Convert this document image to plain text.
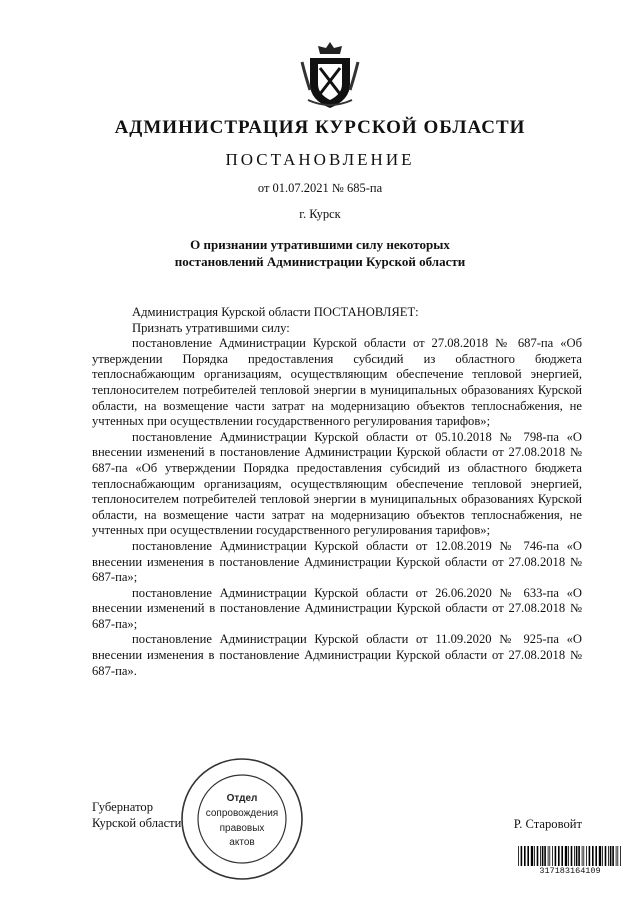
АДМИНИСТРАЦИЯ КУРСКОЙ ОБЛАСТИ
ПОСТАНОВЛЕНИЕ
от 01.07.2021 № 685-па
г. Курск
О признании утратившими силу некоторых
постановлений Администрации Курской области

Администрация Курской области ПОСТАНОВЛЯЕТ:

Признать утратившими силу:

постановление Администрации Курской области от 27.08.2018 № 687-па «Об утверждении Порядка предоставления субсидий из областного бюджета теплоснабжающим организациям, осуществляющим обеспечение тепловой энергией, теплоносителем потребителей тепловой энергии в муниципальных образованиях Курской области, на возмещение части затрат на модернизацию объектов теплоснабжения, не учтенных при осуществлении государственного регулирования тарифов»;

постановление Администрации Курской области от 05.10.2018 № 798-па «О внесении изменений в постановление Администрации Курской области от 27.08.2018 № 687-па «Об утверждении Порядка предоставления субсидий из областного бюджета теплоснабжающим организациям, осуществляющим обеспечение тепловой энергией, теплоносителем потребителей тепловой энергии в муниципальных образованиях Курской области, на возмещение части затрат на модернизацию объектов теплоснабжения, не учтенных при осуществлении государственного регулирования тарифов»;

постановление Администрации Курской области от 12.08.2019 № 746-па «О внесении изменения в постановление Администрации Курской области от 27.08.2018 № 687-па»;

постановление Администрации Курской области от 26.06.2020 № 633-па «О внесении изменений в постановление Администрации Курской области от 27.08.2018 № 687-па»;

постановление Администрации Курской области от 11.09.2020 № 925-па «О внесении изменения в постановление Администрации Курской области от 27.08.2018 № 687-па».

Губернатор
Курской области	Р. Старовойт
Отдел
сопровождения
правовых
актов
317183164109
